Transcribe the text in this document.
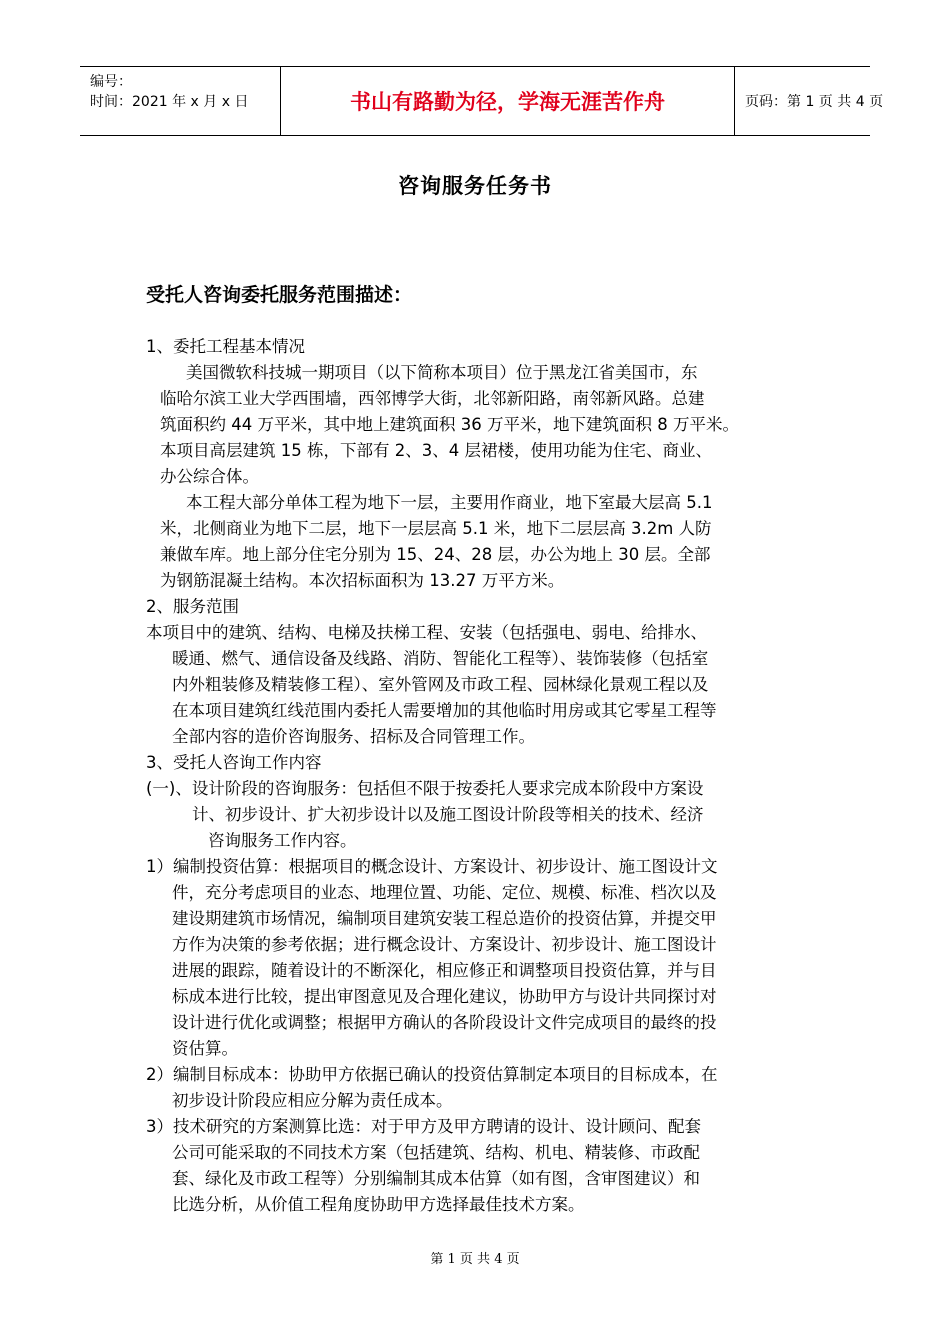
编号：
时间：2021 年 x 月 x 日	书山有路勤为径，学海无涯苦作舟	页码：第 1 页 共 4 页
咨询服务任务书
受托人咨询委托服务范围描述：

1、委托工程基本情况

美国微软科技城一期项目（以下简称本项目）位于黑龙江省美国市，东

临哈尔滨工业大学西围墙，西邻博学大街，北邻新阳路，南邻新风路。总建

筑面积约 44 万平米，其中地上建筑面积 36 万平米，地下建筑面积 8 万平米。

本项目高层建筑 15 栋，下部有 2、3、4 层裙楼，使用功能为住宅、商业、

办公综合体。

本工程大部分单体工程为地下一层，主要用作商业，地下室最大层高 5.1

米，北侧商业为地下二层，地下一层层高 5.1 米，地下二层层高 3.2m 人防

兼做车库。地上部分住宅分别为 15、24、28 层，办公为地上 30 层。全部

为钢筋混凝土结构。本次招标面积为 13.27 万平方米。

2、服务范围

本项目中的建筑、结构、电梯及扶梯工程、安装（包括强电、弱电、给排水、

暖通、燃气、通信设备及线路、消防、智能化工程等）、装饰装修（包括室

内外粗装修及精装修工程）、室外管网及市政工程、园林绿化景观工程以及

在本项目建筑红线范围内委托人需要增加的其他临时用房或其它零星工程等

全部内容的造价咨询服务、招标及合同管理工作。

3、受托人咨询工作内容

(一)、设计阶段的咨询服务：包括但不限于按委托人要求完成本阶段中方案设

计、初步设计、扩大初步设计以及施工图设计阶段等相关的技术、经济

咨询服务工作内容。

1）编制投资估算：根据项目的概念设计、方案设计、初步设计、施工图设计文

件，充分考虑项目的业态、地理位置、功能、定位、规模、标准、档次以及

建设期建筑市场情况，编制项目建筑安装工程总造价的投资估算，并提交甲

方作为决策的参考依据；进行概念设计、方案设计、初步设计、施工图设计

进展的跟踪，随着设计的不断深化，相应修正和调整项目投资估算，并与目

标成本进行比较，提出审图意见及合理化建议，协助甲方与设计共同探讨对

设计进行优化或调整；根据甲方确认的各阶段设计文件完成项目的最终的投

资估算。

2）编制目标成本：协助甲方依据已确认的投资估算制定本项目的目标成本，在

初步设计阶段应相应分解为责任成本。

3）技术研究的方案测算比选：对于甲方及甲方聘请的设计、设计顾问、配套

公司可能采取的不同技术方案（包括建筑、结构、机电、精装修、市政配

套、绿化及市政工程等）分别编制其成本估算（如有图，含审图建议）和

比选分析，从价值工程角度协助甲方选择最佳技术方案。

第 1 页 共 4 页
